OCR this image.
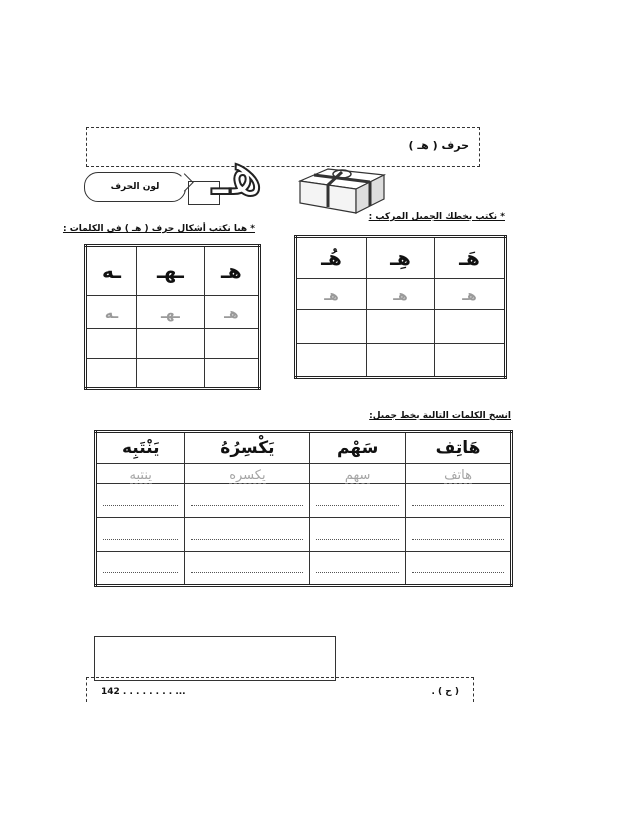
حرف ( هـ )
لون الحرف هـ
* هيا نكتب أشكال حرف ( هـ ) في الكلمات :
* نكتب بخطك الجميل المركب :
ـه	ـهـ	هـ
ـه	ـهـ	هـ

هُـ	هِـ	هَـ
هـ	هـ	هـ

انسخ الكلمات التالية بخط جميل:
يَنْتَبِه	يَكْسِرُهُ	سَهْم	هَاتِف
ينتبه	يكسره	سهم	هاتف

142 . . . . . . . . ...	( ح ) .
